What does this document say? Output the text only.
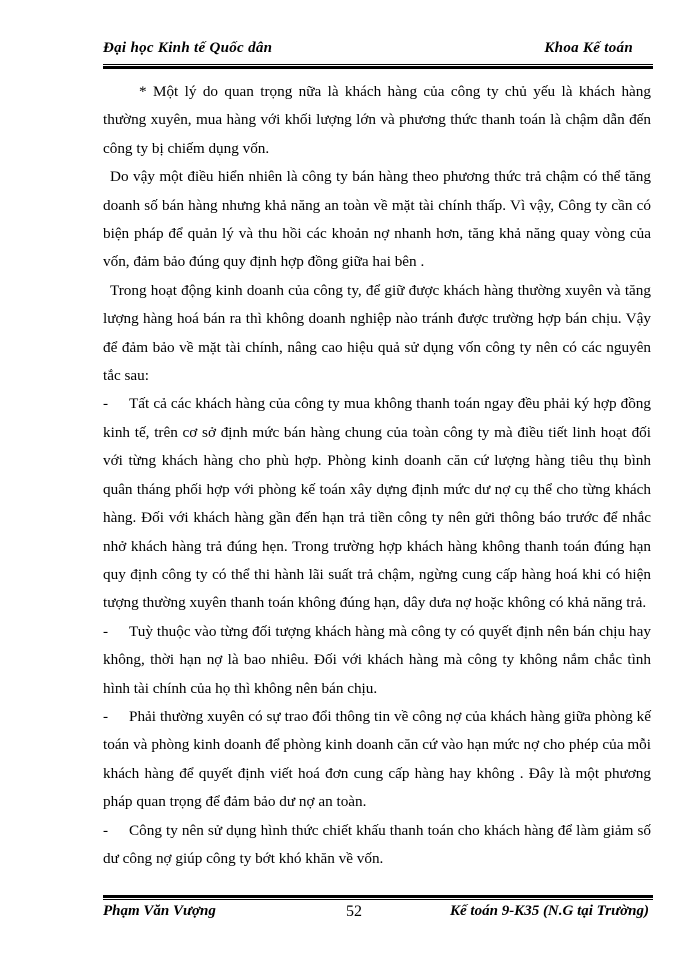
Đại học Kinh tế Quốc dân	Khoa Kế toán

* Một lý do quan trọng nữa là khách hàng của công ty chủ yếu là khách hàng thường xuyên, mua hàng với khối lượng lớn và phương thức thanh toán là chậm dẫn đến công ty bị chiếm dụng vốn.

Do vậy một điều hiển nhiên là công ty bán hàng theo phương thức trả chậm có thể tăng doanh số bán hàng nhưng khả năng an toàn về mặt tài chính thấp. Vì vậy, Công ty cần có biện pháp để quản lý và thu hồi các khoản nợ nhanh hơn, tăng khả năng quay vòng của vốn, đảm bảo đúng quy định hợp đồng giữa hai bên .

Trong hoạt động kinh doanh của công ty, để giữ được khách hàng thường xuyên và tăng lượng hàng hoá bán ra thì không doanh nghiệp nào tránh được trường hợp bán chịu. Vậy để đảm bảo về mặt tài chính, nâng cao hiệu quả sử dụng vốn công ty nên có các nguyên tắc sau:

- Tất cả các khách hàng của công ty mua không thanh toán ngay đều phải ký hợp đồng kinh tế, trên cơ sở định mức bán hàng chung của toàn công ty mà điều tiết linh hoạt đối với từng khách hàng cho phù hợp. Phòng kinh doanh căn cứ lượng hàng tiêu thụ bình quân tháng phối hợp với phòng kế toán xây dựng định mức dư nợ cụ thể cho từng khách hàng. Đối với khách hàng gần đến hạn trả tiền công ty nên gửi thông báo trước để nhắc nhở khách hàng trả đúng hẹn. Trong trường hợp khách hàng không thanh toán đúng hạn quy định công ty có thể thi hành lãi suất trả chậm, ngừng cung cấp hàng hoá khi có hiện tượng thường xuyên thanh toán không đúng hạn, dây dưa nợ hoặc không có khả năng trả.

- Tuỳ thuộc vào từng đối tượng khách hàng mà công ty có quyết định nên bán chịu hay không, thời hạn nợ là bao nhiêu. Đối với khách hàng mà công ty không nắm chắc tình hình tài chính của họ thì không nên bán chịu.

- Phải thường xuyên có sự trao đổi thông tin về công nợ của khách hàng giữa phòng kế toán và phòng kinh doanh để phòng kinh doanh căn cứ vào hạn mức nợ cho phép của mỗi khách hàng để quyết định viết hoá đơn cung cấp hàng hay không . Đây là một phương pháp quan trọng để đảm bảo dư nợ an toàn.

- Công ty nên sử dụng hình thức chiết khấu thanh toán cho khách hàng để làm giảm số dư công nợ giúp công ty bớt khó khăn về vốn.

Phạm Văn Vượng	52	Kế toán 9-K35 (N.G tại Trường)
